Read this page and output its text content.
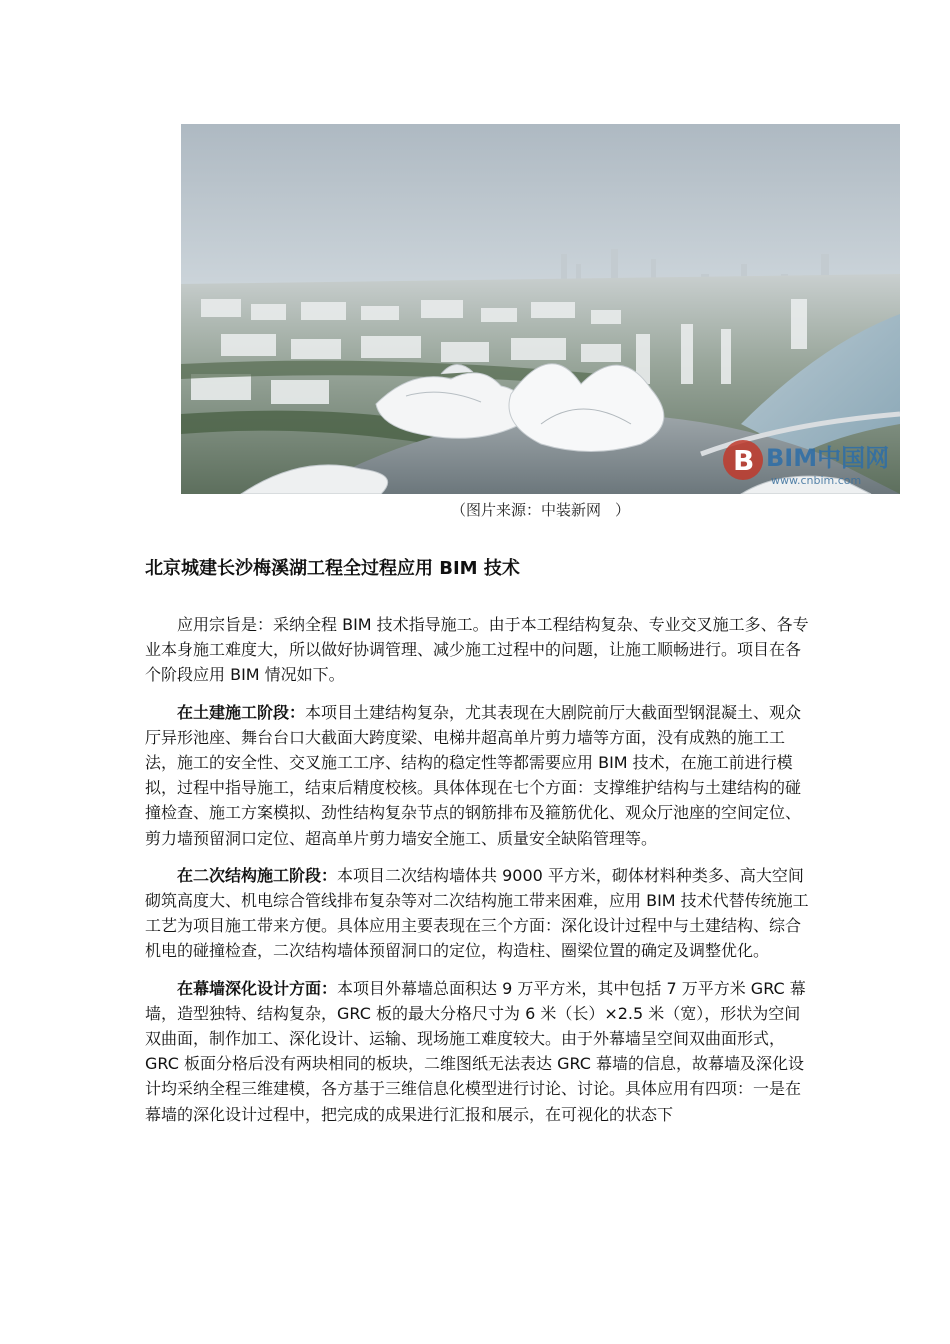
B BIM中国网
www.cnbim.com
（图片来源：中装新网 ）
北京城建长沙梅溪湖工程全过程应用 BIM 技术

应用宗旨是：采纳全程 BIM 技术指导施工。由于本工程结构复杂、专业交叉施工多、各专业本身施工难度大，所以做好协调管理、减少施工过程中的问题，让施工顺畅进行。项目在各个阶段应用 BIM 情况如下。

在土建施工阶段：本项目土建结构复杂，尤其表现在大剧院前厅大截面型钢混凝土、观众厅异形池座、舞台台口大截面大跨度梁、电梯井超高单片剪力墙等方面，没有成熟的施工工法，施工的安全性、交叉施工工序、结构的稳定性等都需要应用 BIM 技术，在施工前进行模拟，过程中指导施工，结束后精度校核。具体体现在七个方面：支撑维护结构与土建结构的碰撞检查、施工方案模拟、劲性结构复杂节点的钢筋排布及箍筋优化、观众厅池座的空间定位、剪力墙预留洞口定位、超高单片剪力墙安全施工、质量安全缺陷管理等。

在二次结构施工阶段：本项目二次结构墙体共 9000 平方米，砌体材料种类多、高大空间砌筑高度大、机电综合管线排布复杂等对二次结构施工带来困难，应用 BIM 技术代替传统施工工艺为项目施工带来方便。具体应用主要表现在三个方面：深化设计过程中与土建结构、综合机电的碰撞检查，二次结构墙体预留洞口的定位，构造柱、圈梁位置的确定及调整优化。

在幕墙深化设计方面：本项目外幕墙总面积达 9 万平方米，其中包括 7 万平方米 GRC 幕墙，造型独特、结构复杂，GRC 板的最大分格尺寸为 6 米（长）×2.5 米（宽），形状为空间双曲面，制作加工、深化设计、运输、现场施工难度较大。由于外幕墙呈空间双曲面形式，GRC 板面分格后没有两块相同的板块，二维图纸无法表达 GRC 幕墙的信息，故幕墙及深化设计均采纳全程三维建模，各方基于三维信息化模型进行讨论、讨论。具体应用有四项：一是在幕墙的深化设计过程中，把完成的成果进行汇报和展示，在可视化的状态下
